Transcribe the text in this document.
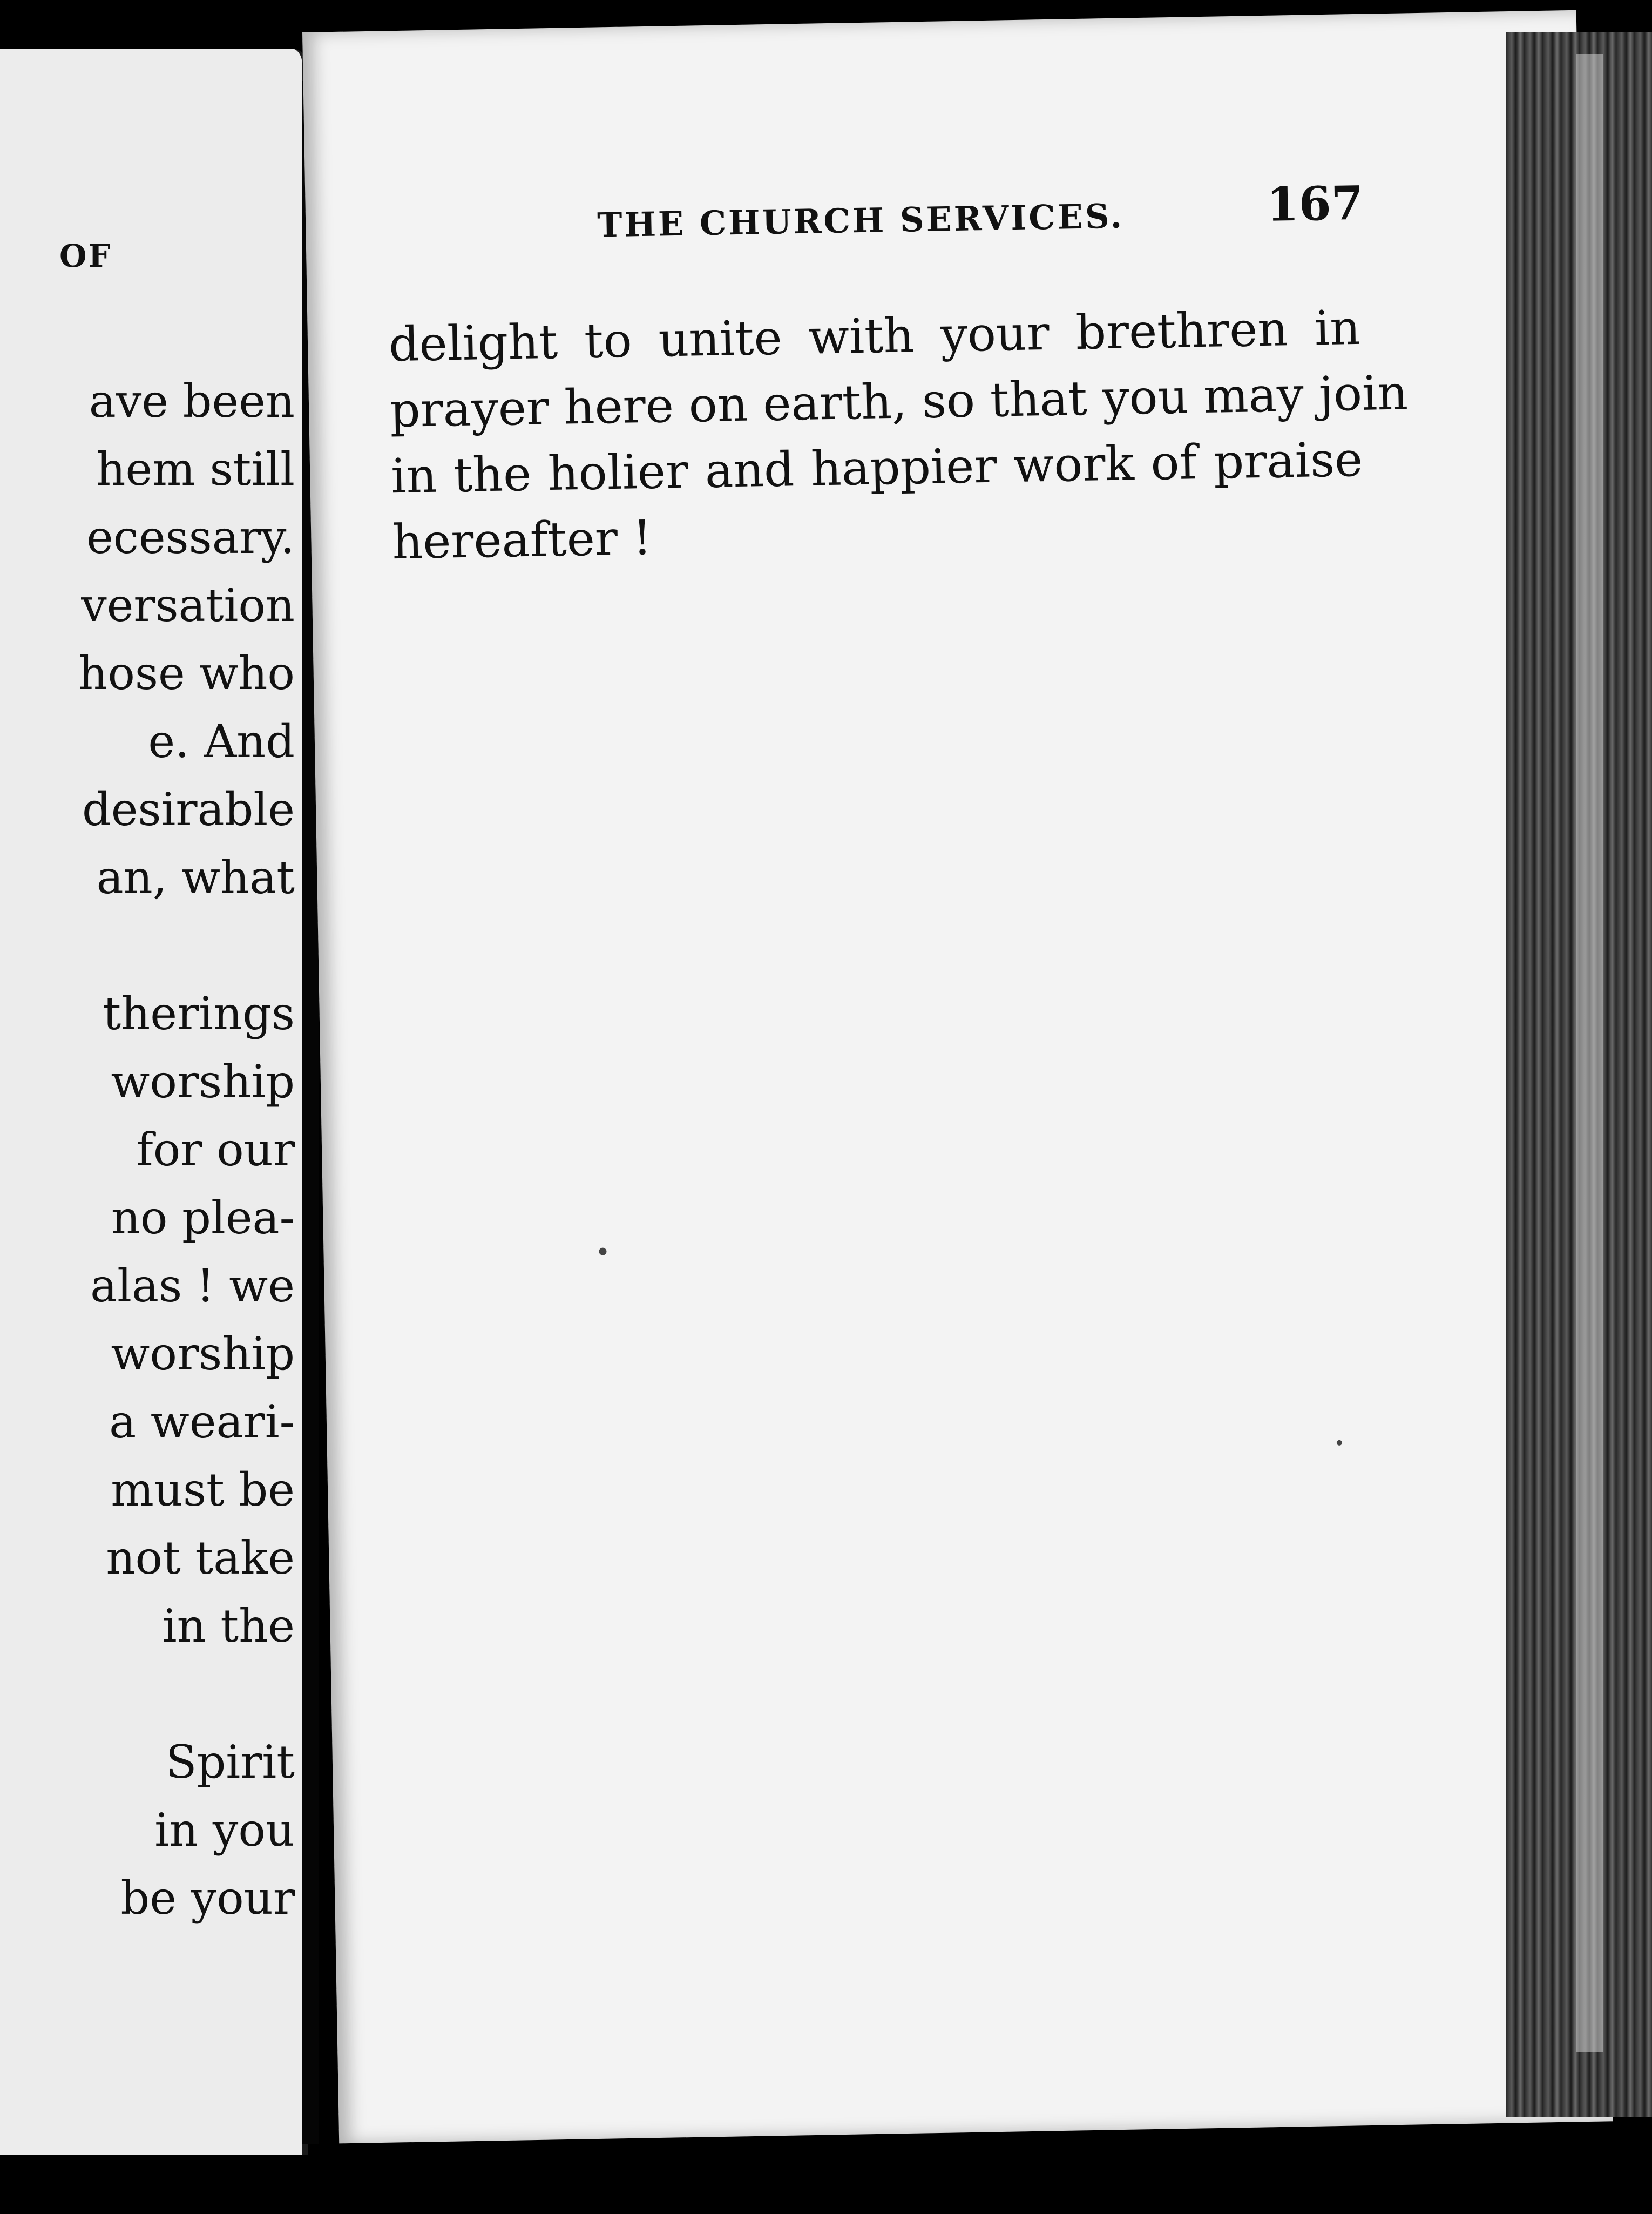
OF
ave been
hem still
ecessary.
versation
hose who
e. And
desirable
an, what
therings
worship
for our
no plea-
alas ! we
worship
a weari-
must be
not take
in the
Spirit
in you
be your
THE CHURCH SERVICES.	167
delight to unite with your brethren in
prayer here on earth, so that you may join
in the holier and happier work of praise
hereafter !
